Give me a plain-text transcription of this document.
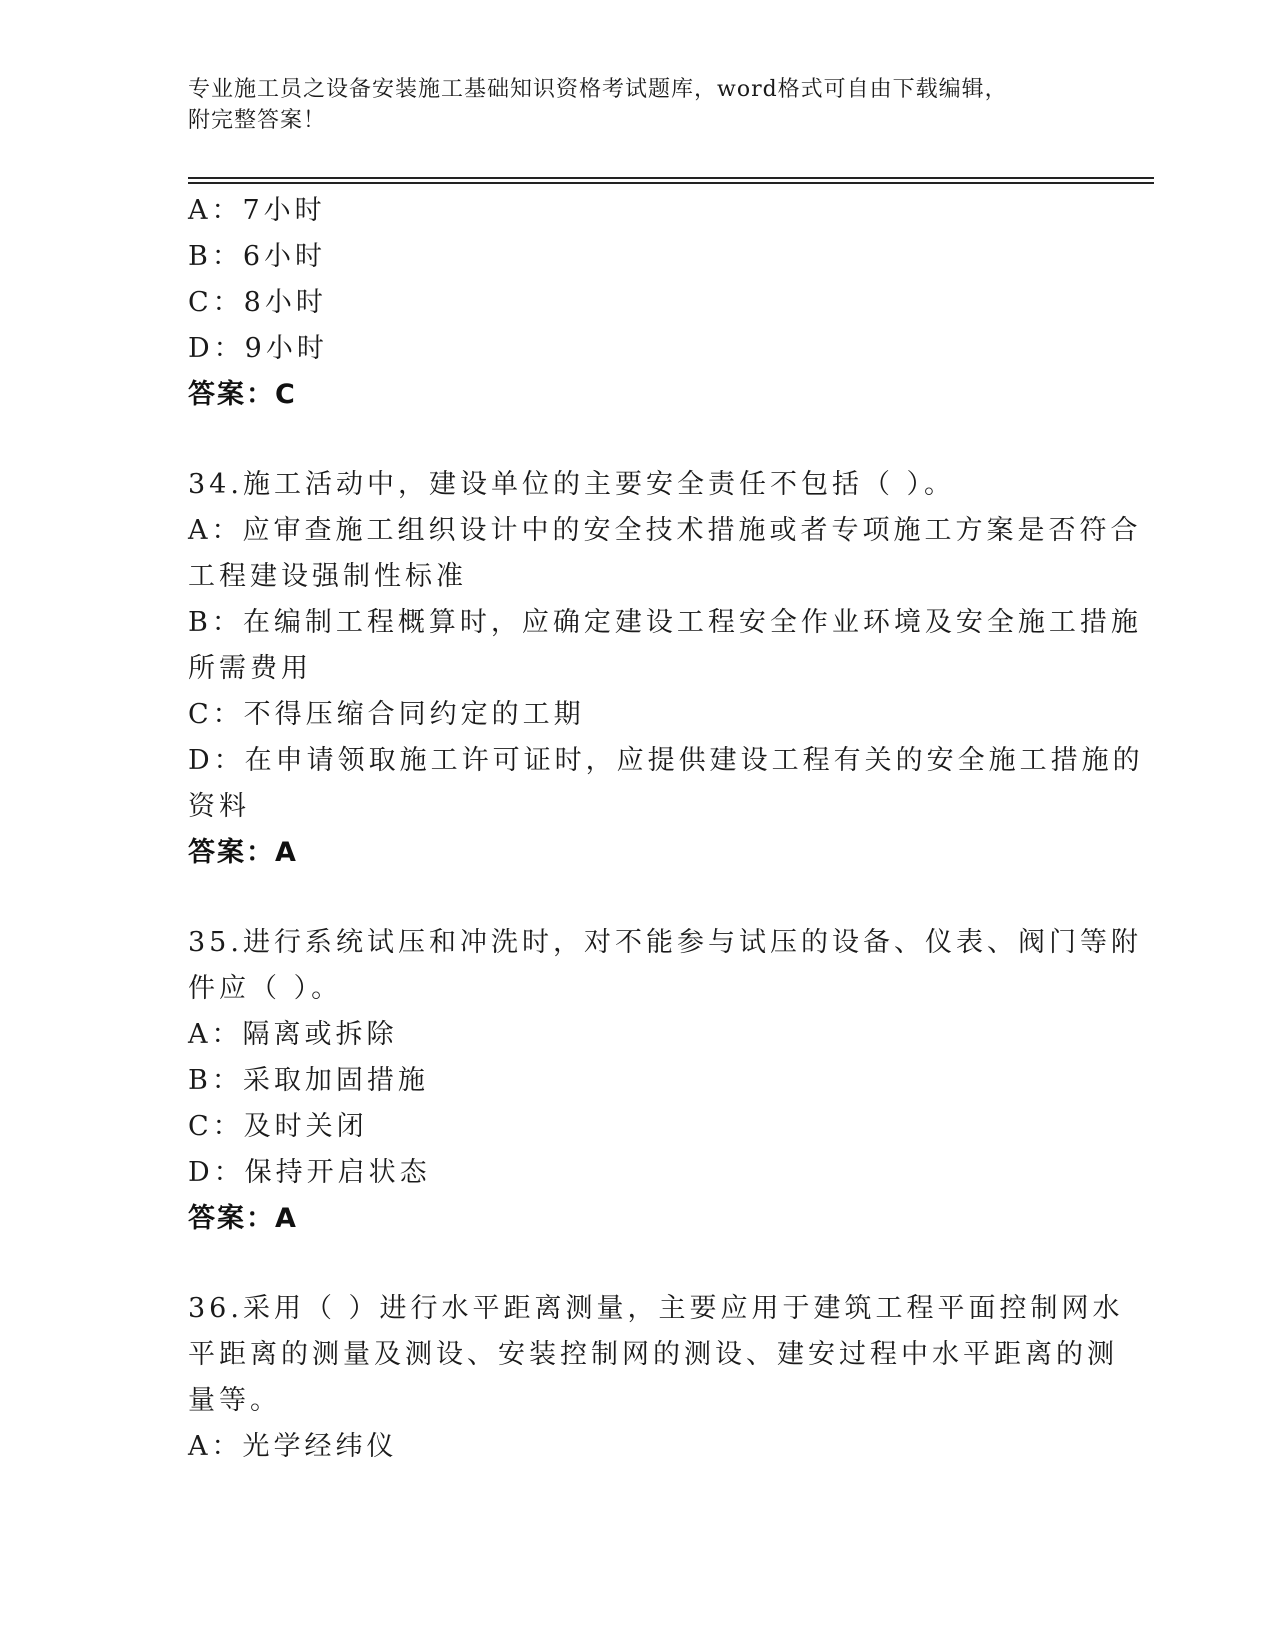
专业施工员之设备安装施工基础知识资格考试题库，word格式可自由下载编辑，
附完整答案！
A：7小时
B：6小时
C：8小时
D：9小时
答案：C
34.施工活动中，建设单位的主要安全责任不包括（ ）。
A：应审查施工组织设计中的安全技术措施或者专项施工方案是否符合
工程建设强制性标准
B：在编制工程概算时，应确定建设工程安全作业环境及安全施工措施
所需费用
C：不得压缩合同约定的工期
D：在申请领取施工许可证时，应提供建设工程有关的安全施工措施的
资料
答案：A
35.进行系统试压和冲洗时，对不能参与试压的设备、仪表、阀门等附
件应（ ）。
A：隔离或拆除
B：采取加固措施
C：及时关闭
D：保持开启状态
答案：A
36.采用（ ）进行水平距离测量，主要应用于建筑工程平面控制网水
平距离的测量及测设、安装控制网的测设、建安过程中水平距离的测
量等。
A：光学经纬仪
